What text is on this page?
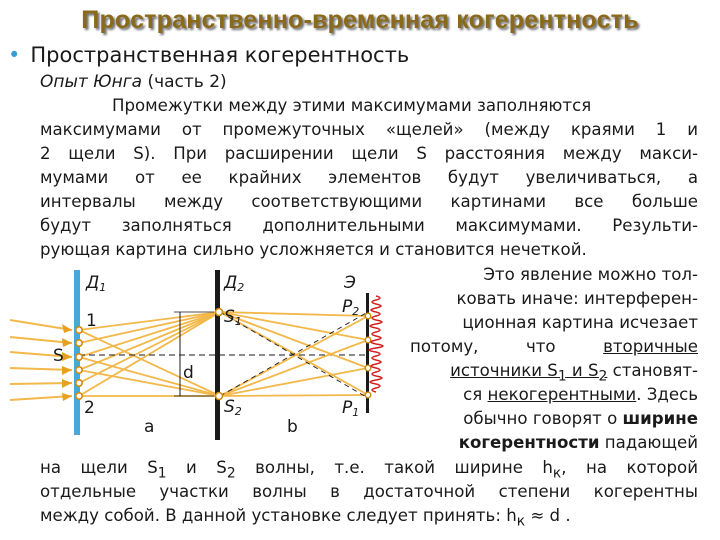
Пространственно-временная когерентность
• Пространственная когерентность
Опыт Юнга (часть 2)
Промежутки между этими максимумами заполняются
максимумами от промежуточных «щелей» (между краями 1 и
2 щели S). При расширении щели S расстояния между макси-
мумами от ее крайних элементов будут увеличиваться, а
интервалы между соответствующими картинами все больше
будут заполняться дополнительными максимумами. Результи-
рующая картина сильно усложняется и становится нечеткой.
Это явление можно тол-
ковать иначе: интерферен-
ционная картина исчезает
потому,	что	вторичные
источники $S_1$ и $S_2$ становят-
ся некогерентными. Здесь
обычно говорят о ширине
когерентности падающей
на щели $S_1$ и $S_2$ волны, т.е. такой ширине $h_к$, на которой
отдельные участки волны в достаточной степени когерентны
между собой. В данной установке следует принять: $h_к \approx d$ .
Д1	Д2	Э
P2
P1
1
2
S
S1
S2
d
a	b
